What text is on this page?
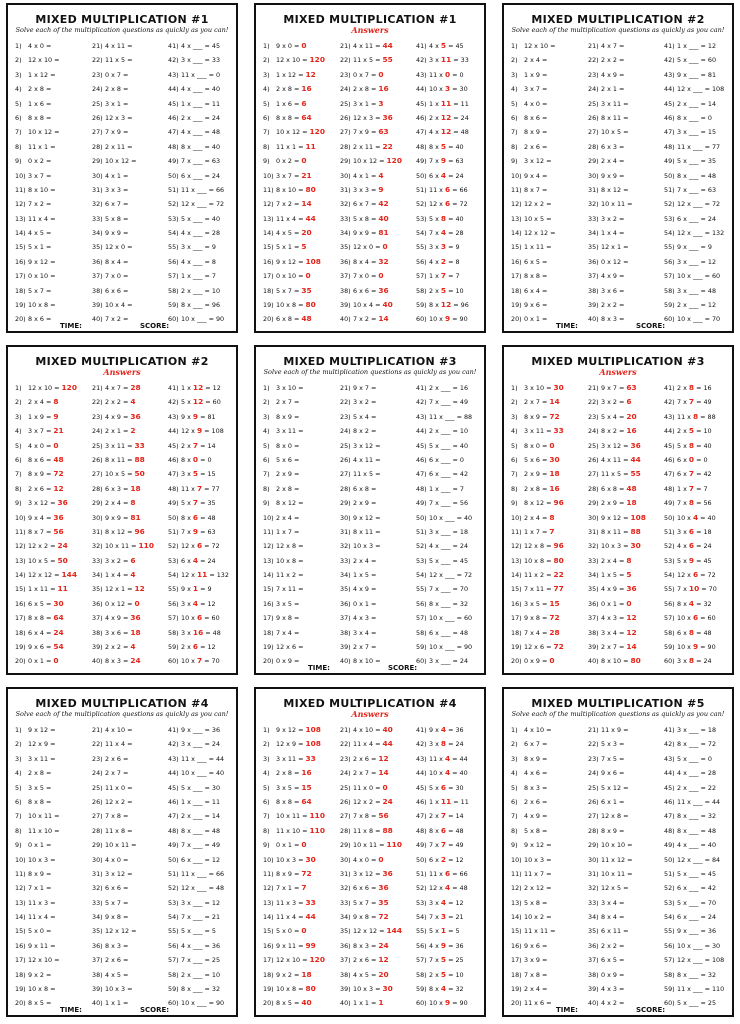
MIXED MULTIPLICATION #1
Solve each of the multiplication questions as quickly as you can!
1) 4 x 0 =
2) 12 x 10 =
3) 1 x 12 =
4) 2 x 8 =
5) 1 x 6 =
6) 8 x 8 =
7) 10 x 12 =
8) 11 x 1 =
9) 0 x 2 =
10) 3 x 7 =
11) 8 x 10 =
12) 7 x 2 =
13) 11 x 4 =
14) 4 x 5 =
15) 5 x 1 =
16) 9 x 12 =
17) 0 x 10 =
18) 5 x 7 =
19) 10 x 8 =
20) 8 x 6 =
21) 4 x 11 =
22) 11 x 5 =
23) 0 x 7 =
24) 2 x 8 =
25) 3 x 1 =
26) 12 x 3 =
27) 7 x 9 =
28) 2 x 11 =
29) 10 x 12 =
30) 4 x 1 =
31) 3 x 3 =
32) 6 x 7 =
33) 5 x 8 =
34) 9 x 9 =
35) 12 x 0 =
36) 8 x 4 =
37) 7 x 0 =
38) 6 x 6 =
39) 10 x 4 =
40) 7 x 2 =
41) 4 x ___ = 45
42) 3 x ___ = 33
43) 11 x ___ = 0
44) 4 x ___ = 40
45) 1 x ___ = 11
46) 2 x ___ = 24
47) 4 x ___ = 48
48) 8 x ___ = 40
49) 7 x ___ = 63
50) 6 x ___ = 24
51) 11 x ___ = 66
52) 12 x ___ = 72
53) 5 x ___ = 40
54) 4 x ___ = 28
55) 3 x ___ = 9
56) 4 x ___ = 8
57) 1 x ___ = 7
58) 2 x ___ = 10
59) 8 x ___ = 96
60) 10 x ___ = 90
TIME:	SCORE:
MIXED MULTIPLICATION #1
Answers
1) 9 x 0 = 0
2) 12 x 10 = 120
3) 1 x 12 = 12
4) 2 x 8 = 16
5) 1 x 6 = 6
6) 8 x 8 = 64
7) 10 x 12 = 120
8) 11 x 1 = 11
9) 0 x 2 = 0
10) 3 x 7 = 21
11) 8 x 10 = 80
12) 7 x 2 = 14
13) 11 x 4 = 44
14) 4 x 5 = 20
15) 5 x 1 = 5
16) 9 x 12 = 108
17) 0 x 10 = 0
18) 5 x 7 = 35
19) 10 x 8 = 80
20) 6 x 8 = 48
21) 4 x 11 = 44
22) 11 x 5 = 55
23) 0 x 7 = 0
24) 2 x 8 = 16
25) 3 x 1 = 3
26) 12 x 3 = 36
27) 7 x 9 = 63
28) 2 x 11 = 22
29) 10 x 12 = 120
30) 4 x 1 = 4
31) 3 x 3 = 9
32) 6 x 7 = 42
33) 5 x 8 = 40
34) 9 x 9 = 81
35) 12 x 0 = 0
36) 8 x 4 = 32
37) 7 x 0 = 0
38) 6 x 6 = 36
39) 10 x 4 = 40
40) 7 x 2 = 14
41) 4 x 5 = 45
42) 3 x 11 = 33
43) 11 x 0 = 0
44) 10 x 3 = 30
45) 1 x 11 = 11
46) 2 x 12 = 24
47) 4 x 12 = 48
48) 8 x 5 = 40
49) 7 x 9 = 63
50) 6 x 4 = 24
51) 11 x 6 = 66
52) 12 x 6 = 72
53) 5 x 8 = 40
54) 7 x 4 = 28
55) 3 x 3 = 9
56) 4 x 2 = 8
57) 1 x 7 = 7
58) 2 x 5 = 10
59) 8 x 12 = 96
60) 10 x 9 = 90
MIXED MULTIPLICATION #2
Solve each of the multiplication questions as quickly as you can!
1) 12 x 10 =
2) 2 x 4 =
3) 1 x 9 =
4) 3 x 7 =
5) 4 x 0 =
6) 8 x 6 =
7) 8 x 9 =
8) 2 x 6 =
9) 3 x 12 =
10) 9 x 4 =
11) 8 x 7 =
12) 12 x 2 =
13) 10 x 5 =
14) 12 x 12 =
15) 1 x 11 =
16) 6 x 5 =
17) 8 x 8 =
18) 6 x 4 =
19) 9 x 6 =
20) 0 x 1 =
21) 4 x 7 =
22) 2 x 2 =
23) 4 x 9 =
24) 2 x 1 =
25) 3 x 11 =
26) 8 x 11 =
27) 10 x 5 =
28) 6 x 3 =
29) 2 x 4 =
30) 9 x 9 =
31) 8 x 12 =
32) 10 x 11 =
33) 3 x 2 =
34) 1 x 4 =
35) 12 x 1 =
36) 0 x 12 =
37) 4 x 9 =
38) 3 x 6 =
39) 2 x 2 =
40) 8 x 3 =
41) 1 x ___ = 12
42) 5 x ___ = 60
43) 9 x ___ = 81
44) 12 x ___ = 108
45) 2 x ___ = 14
46) 8 x ___ = 0
47) 3 x ___ = 15
48) 11 x ___ = 77
49) 5 x ___ = 35
50) 8 x ___ = 48
51) 7 x ___ = 63
52) 12 x ___ = 72
53) 6 x ___ = 24
54) 12 x ___ = 132
55) 9 x ___ = 9
56) 3 x ___ = 12
57) 10 x ___ = 60
58) 3 x ___ = 48
59) 2 x ___ = 12
60) 10 x ___ = 70
TIME:	SCORE:
MIXED MULTIPLICATION #2
Answers
1) 12 x 10 = 120
2) 2 x 4 = 8
3) 1 x 9 = 9
4) 3 x 7 = 21
5) 4 x 0 = 0
6) 8 x 6 = 48
7) 8 x 9 = 72
8) 2 x 6 = 12
9) 3 x 12 = 36
10) 9 x 4 = 36
11) 8 x 7 = 56
12) 12 x 2 = 24
13) 10 x 5 = 50
14) 12 x 12 = 144
15) 1 x 11 = 11
16) 6 x 5 = 30
17) 8 x 8 = 64
18) 6 x 4 = 24
19) 9 x 6 = 54
20) 0 x 1 = 0
21) 4 x 7 = 28
22) 2 x 2 = 4
23) 4 x 9 = 36
24) 2 x 1 = 2
25) 3 x 11 = 33
26) 8 x 11 = 88
27) 10 x 5 = 50
28) 6 x 3 = 18
29) 2 x 4 = 8
30) 9 x 9 = 81
31) 8 x 12 = 96
32) 10 x 11 = 110
33) 3 x 2 = 6
34) 1 x 4 = 4
35) 12 x 1 = 12
36) 0 x 12 = 0
37) 4 x 9 = 36
38) 3 x 6 = 18
39) 2 x 2 = 4
40) 8 x 3 = 24
41) 1 x 12 = 12
42) 5 x 12 = 60
43) 9 x 9 = 81
44) 12 x 9 = 108
45) 2 x 7 = 14
46) 8 x 0 = 0
47) 3 x 5 = 15
48) 11 x 7 = 77
49) 5 x 7 = 35
50) 8 x 6 = 48
51) 7 x 9 = 63
52) 12 x 6 = 72
53) 6 x 4 = 24
54) 12 x 11 = 132
55) 9 x 1 = 9
56) 3 x 4 = 12
57) 10 x 6 = 60
58) 3 x 16 = 48
59) 2 x 6 = 12
60) 10 x 7 = 70
MIXED MULTIPLICATION #3
Solve each of the multiplication questions as quickly as you can!
1) 3 x 10 =
2) 2 x 7 =
3) 8 x 9 =
4) 3 x 11 =
5) 8 x 0 =
6) 5 x 6 =
7) 2 x 9 =
8) 2 x 8 =
9) 8 x 12 =
10) 2 x 4 =
11) 1 x 7 =
12) 12 x 8 =
13) 10 x 8 =
14) 11 x 2 =
15) 7 x 11 =
16) 3 x 5 =
17) 9 x 8 =
18) 7 x 4 =
19) 12 x 6 =
20) 0 x 9 =
21) 9 x 7 =
22) 3 x 2 =
23) 5 x 4 =
24) 8 x 2 =
25) 3 x 12 =
26) 4 x 11 =
27) 11 x 5 =
28) 6 x 8 =
29) 2 x 9 =
30) 9 x 12 =
31) 8 x 11 =
32) 10 x 3 =
33) 2 x 4 =
34) 1 x 5 =
35) 4 x 9 =
36) 0 x 1 =
37) 4 x 3 =
38) 3 x 4 =
39) 2 x 7 =
40) 8 x 10 =
41) 2 x ___ = 16
42) 7 x ___ = 49
43) 11 x ___ = 88
44) 2 x ___ = 10
45) 5 x ___ = 40
46) 6 x ___ = 0
47) 6 x ___ = 42
48) 1 x ___ = 7
49) 7 x ___ = 56
50) 10 x ___ = 40
51) 3 x ___ = 18
52) 4 x ___ = 24
53) 5 x ___ = 45
54) 12 x ___ = 72
55) 7 x ___ = 70
56) 8 x ___ = 32
57) 10 x ___ = 60
58) 6 x ___ = 48
59) 10 x ___ = 90
60) 3 x ___ = 24
TIME:	SCORE:
MIXED MULTIPLICATION #3
Answers
1) 3 x 10 = 30
2) 2 x 7 = 14
3) 8 x 9 = 72
4) 3 x 11 = 33
5) 8 x 0 = 0
6) 5 x 6 = 30
7) 2 x 9 = 18
8) 2 x 8 = 16
9) 8 x 12 = 96
10) 2 x 4 = 8
11) 1 x 7 = 7
12) 12 x 8 = 96
13) 10 x 8 = 80
14) 11 x 2 = 22
15) 7 x 11 = 77
16) 3 x 5 = 15
17) 9 x 8 = 72
18) 7 x 4 = 28
19) 12 x 6 = 72
20) 0 x 9 = 0
21) 9 x 7 = 63
22) 3 x 2 = 6
23) 5 x 4 = 20
24) 8 x 2 = 16
25) 3 x 12 = 36
26) 4 x 11 = 44
27) 11 x 5 = 55
28) 6 x 8 = 48
29) 2 x 9 = 18
30) 9 x 12 = 108
31) 8 x 11 = 88
32) 10 x 3 = 30
33) 2 x 4 = 8
34) 1 x 5 = 5
35) 4 x 9 = 36
36) 0 x 1 = 0
37) 4 x 3 = 12
38) 3 x 4 = 12
39) 2 x 7 = 14
40) 8 x 10 = 80
41) 2 x 8 = 16
42) 7 x 7 = 49
43) 11 x 8 = 88
44) 2 x 5 = 10
45) 5 x 8 = 40
46) 6 x 0 = 0
47) 6 x 7 = 42
48) 1 x 7 = 7
49) 7 x 8 = 56
50) 10 x 4 = 40
51) 3 x 6 = 18
52) 4 x 6 = 24
53) 5 x 9 = 45
54) 12 x 6 = 72
55) 7 x 10 = 70
56) 8 x 4 = 32
57) 10 x 6 = 60
58) 6 x 8 = 48
59) 10 x 9 = 90
60) 3 x 8 = 24
MIXED MULTIPLICATION #4
Solve each of the multiplication questions as quickly as you can!
1) 9 x 12 =
2) 12 x 9 =
3) 3 x 11 =
4) 2 x 8 =
5) 3 x 5 =
6) 8 x 8 =
7) 10 x 11 =
8) 11 x 10 =
9) 0 x 1 =
10) 10 x 3 =
11) 8 x 9 =
12) 7 x 1 =
13) 11 x 3 =
14) 11 x 4 =
15) 5 x 0 =
16) 9 x 11 =
17) 12 x 10 =
18) 9 x 2 =
19) 10 x 8 =
20) 8 x 5 =
21) 4 x 10 =
22) 11 x 4 =
23) 2 x 6 =
24) 2 x 7 =
25) 11 x 0 =
26) 12 x 2 =
27) 7 x 8 =
28) 11 x 8 =
29) 10 x 11 =
30) 4 x 0 =
31) 3 x 12 =
32) 6 x 6 =
33) 5 x 7 =
34) 9 x 8 =
35) 12 x 12 =
36) 8 x 3 =
37) 2 x 6 =
38) 4 x 5 =
39) 10 x 3 =
40) 1 x 1 =
41) 9 x ___ = 36
42) 3 x ___ = 24
43) 11 x ___ = 44
44) 10 x ___ = 40
45) 5 x ___ = 30
46) 1 x ___ = 11
47) 2 x ___ = 14
48) 8 x ___ = 48
49) 7 x ___ = 49
50) 6 x ___ = 12
51) 11 x ___ = 66
52) 12 x ___ = 48
53) 3 x ___ = 12
54) 7 x ___ = 21
55) 5 x ___ = 5
56) 4 x ___ = 36
57) 7 x ___ = 25
58) 2 x ___ = 10
59) 8 x ___ = 32
60) 10 x ___ = 90
TIME:	SCORE:
MIXED MULTIPLICATION #4
Answers
1) 9 x 12 = 108
2) 12 x 9 = 108
3) 3 x 11 = 33
4) 2 x 8 = 16
5) 3 x 5 = 15
6) 8 x 8 = 64
7) 10 x 11 = 110
8) 11 x 10 = 110
9) 0 x 1 = 0
10) 10 x 3 = 30
11) 8 x 9 = 72
12) 7 x 1 = 7
13) 11 x 3 = 33
14) 11 x 4 = 44
15) 5 x 0 = 0
16) 9 x 11 = 99
17) 12 x 10 = 120
18) 9 x 2 = 18
19) 10 x 8 = 80
20) 8 x 5 = 40
21) 4 x 10 = 40
22) 11 x 4 = 44
23) 2 x 6 = 12
24) 2 x 7 = 14
25) 11 x 0 = 0
26) 12 x 2 = 24
27) 7 x 8 = 56
28) 11 x 8 = 88
29) 10 x 11 = 110
30) 4 x 0 = 0
31) 3 x 12 = 36
32) 6 x 6 = 36
33) 5 x 7 = 35
34) 9 x 8 = 72
35) 12 x 12 = 144
36) 8 x 3 = 24
37) 2 x 6 = 12
38) 4 x 5 = 20
39) 10 x 3 = 30
40) 1 x 1 = 1
41) 9 x 4 = 36
42) 3 x 8 = 24
43) 11 x 4 = 44
44) 10 x 4 = 40
45) 5 x 6 = 30
46) 1 x 11 = 11
47) 2 x 7 = 14
48) 8 x 6 = 48
49) 7 x 7 = 49
50) 6 x 2 = 12
51) 11 x 6 = 66
52) 12 x 4 = 48
53) 3 x 4 = 12
54) 7 x 3 = 21
55) 5 x 1 = 5
56) 4 x 9 = 36
57) 7 x 5 = 25
58) 2 x 5 = 10
59) 8 x 4 = 32
60) 10 x 9 = 90
MIXED MULTIPLICATION #5
Solve each of the multiplication questions as quickly as you can!
1) 4 x 10 =
2) 6 x 7 =
3) 8 x 9 =
4) 4 x 6 =
5) 8 x 3 =
6) 2 x 6 =
7) 4 x 9 =
8) 5 x 8 =
9) 9 x 12 =
10) 10 x 3 =
11) 11 x 7 =
12) 2 x 12 =
13) 5 x 8 =
14) 10 x 2 =
15) 11 x 11 =
16) 9 x 6 =
17) 3 x 9 =
18) 7 x 8 =
19) 2 x 4 =
20) 11 x 6 =
21) 11 x 9 =
22) 5 x 3 =
23) 7 x 5 =
24) 9 x 6 =
25) 5 x 12 =
26) 6 x 1 =
27) 12 x 8 =
28) 8 x 9 =
29) 10 x 10 =
30) 11 x 12 =
31) 10 x 11 =
32) 12 x 5 =
33) 3 x 4 =
34) 8 x 4 =
35) 6 x 11 =
36) 2 x 2 =
37) 6 x 5 =
38) 0 x 9 =
39) 4 x 3 =
40) 4 x 2 =
41) 3 x ___ = 18
42) 8 x ___ = 72
43) 5 x ___ = 0
44) 4 x ___ = 28
45) 2 x ___ = 22
46) 11 x ___ = 44
47) 8 x ___ = 32
48) 8 x ___ = 48
49) 4 x ___ = 40
50) 12 x ___ = 84
51) 5 x ___ = 45
52) 6 x ___ = 42
53) 5 x ___ = 70
54) 6 x ___ = 24
55) 9 x ___ = 36
56) 10 x ___ = 30
57) 12 x ___ = 108
58) 8 x ___ = 32
59) 11 x ___ = 110
60) 5 x ___ = 25
TIME:	SCORE:
